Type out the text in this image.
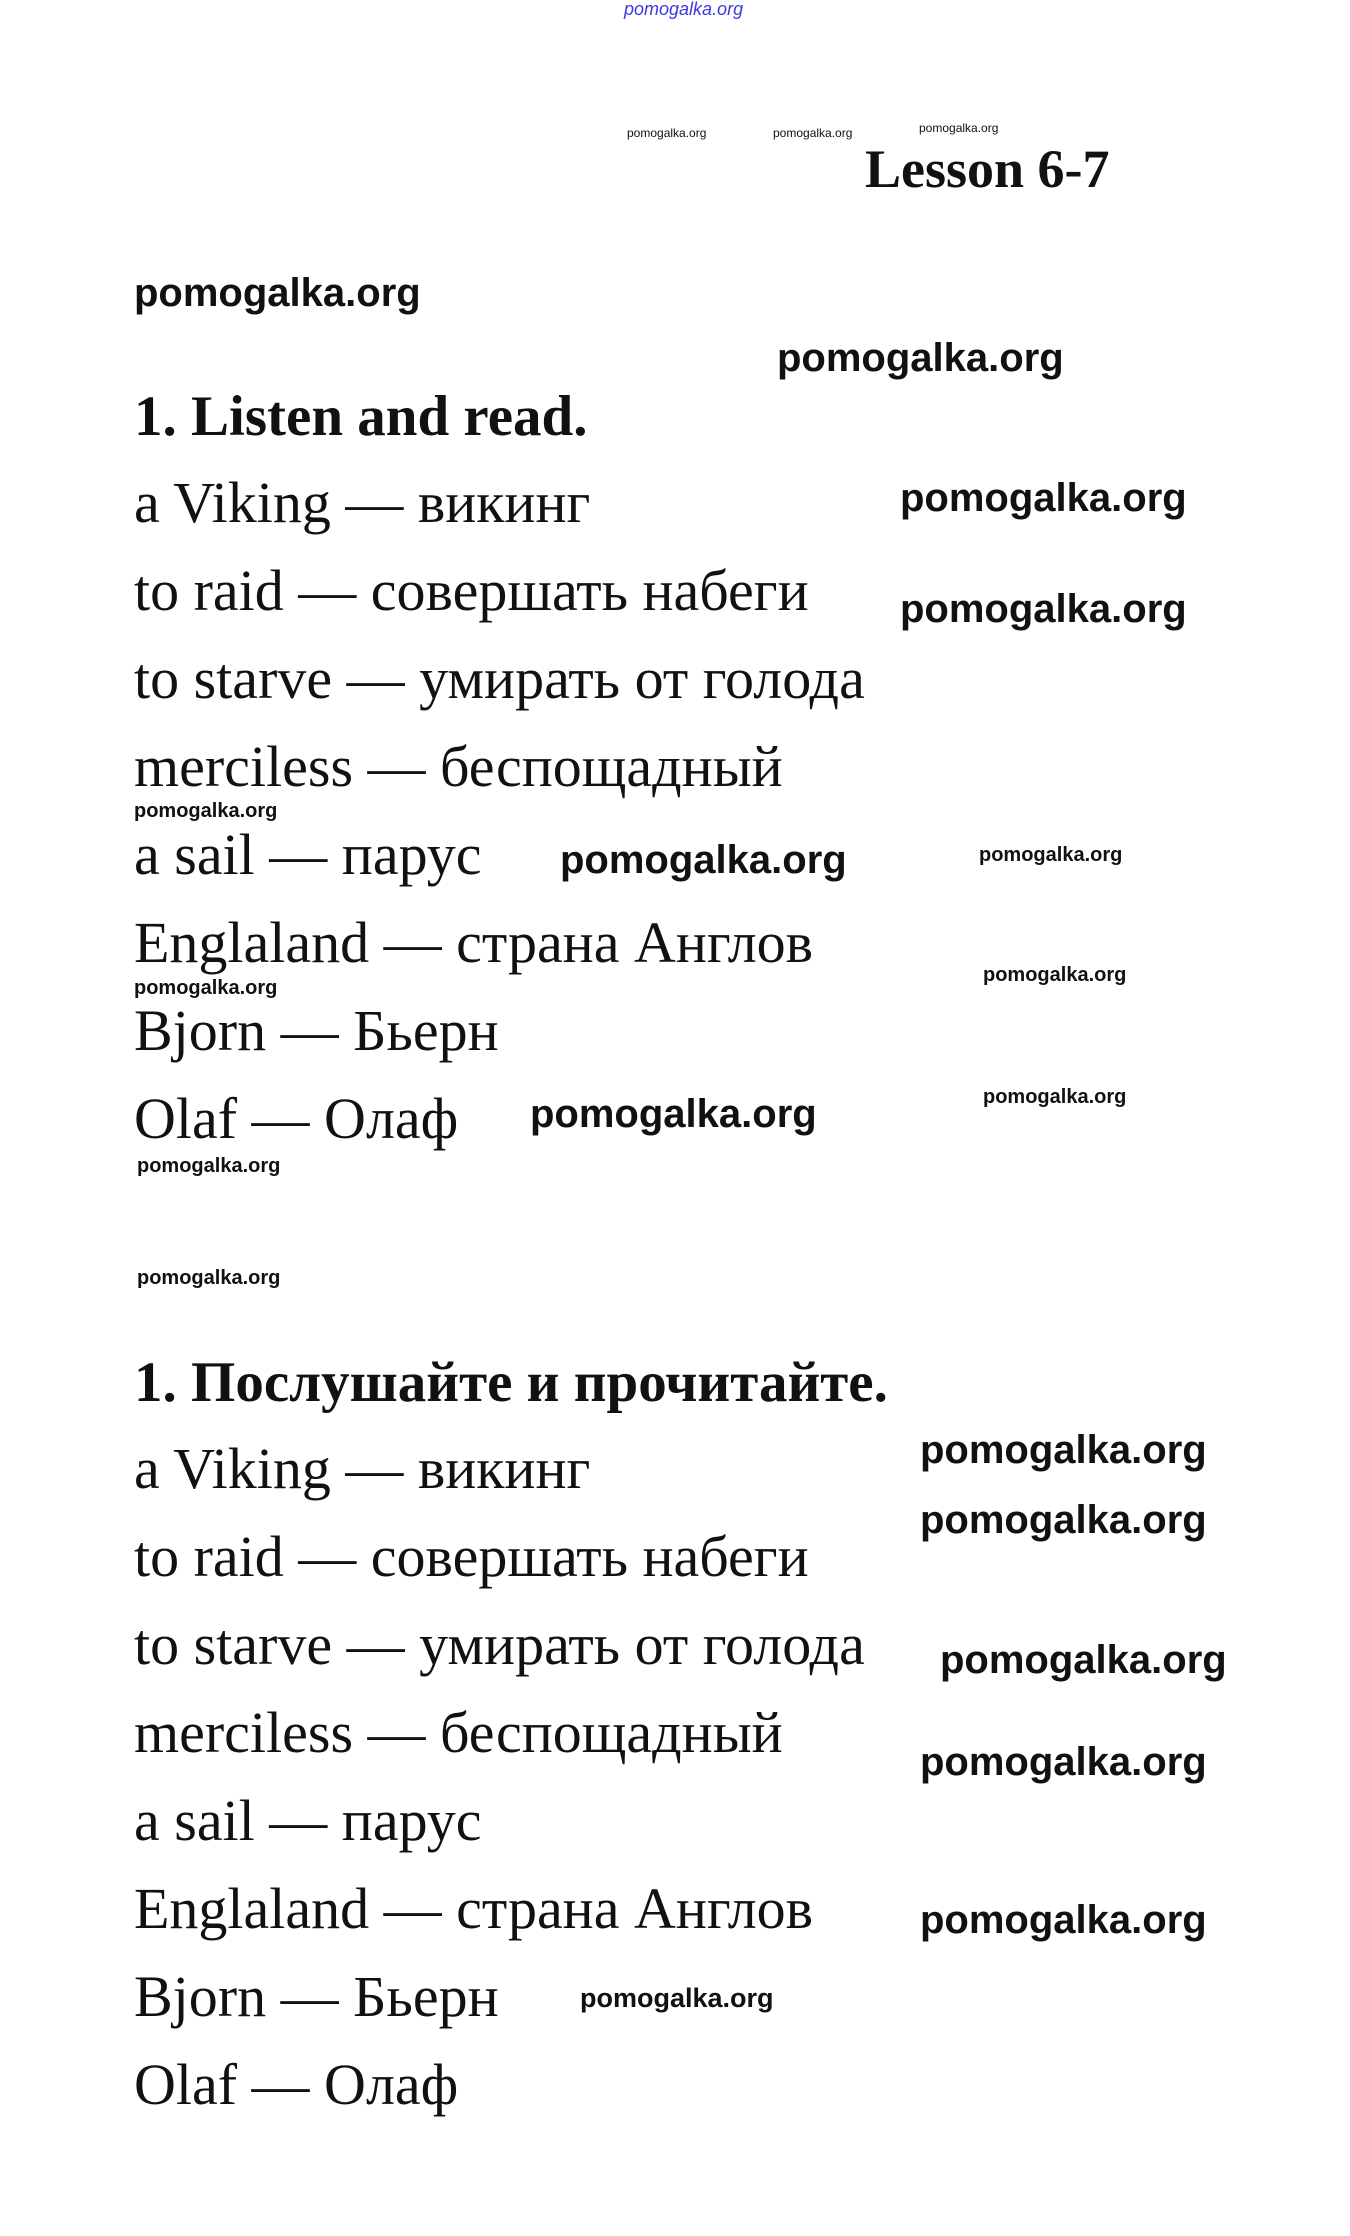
pomogalka.org
pomogalka.org	pomogalka.org	pomogalka.org
Lesson 6-7
pomogalka.org
pomogalka.org
1. Listen and read.
a Viking — викинг
to raid — совершать набеги
to starve — умирать от голода
merciless — беспощадный
a sail — парус
Englaland — страна Англов
Bjorn — Бьерн
Olaf — Олаф
pomogalka.org
pomogalka.org
pomogalka.org
pomogalka.org	pomogalka.org
pomogalka.org
pomogalka.org
pomogalka.org	pomogalka.org
pomogalka.org
pomogalka.org
1. Послушайте и прочитайте.
a Viking — викинг
to raid — совершать набеги
to starve — умирать от голода
merciless — беспощадный
a sail — парус
Englaland — страна Англов
Bjorn — Бьерн
Olaf — Олаф
pomogalka.org
pomogalka.org
pomogalka.org
pomogalka.org
pomogalka.org
pomogalka.org
